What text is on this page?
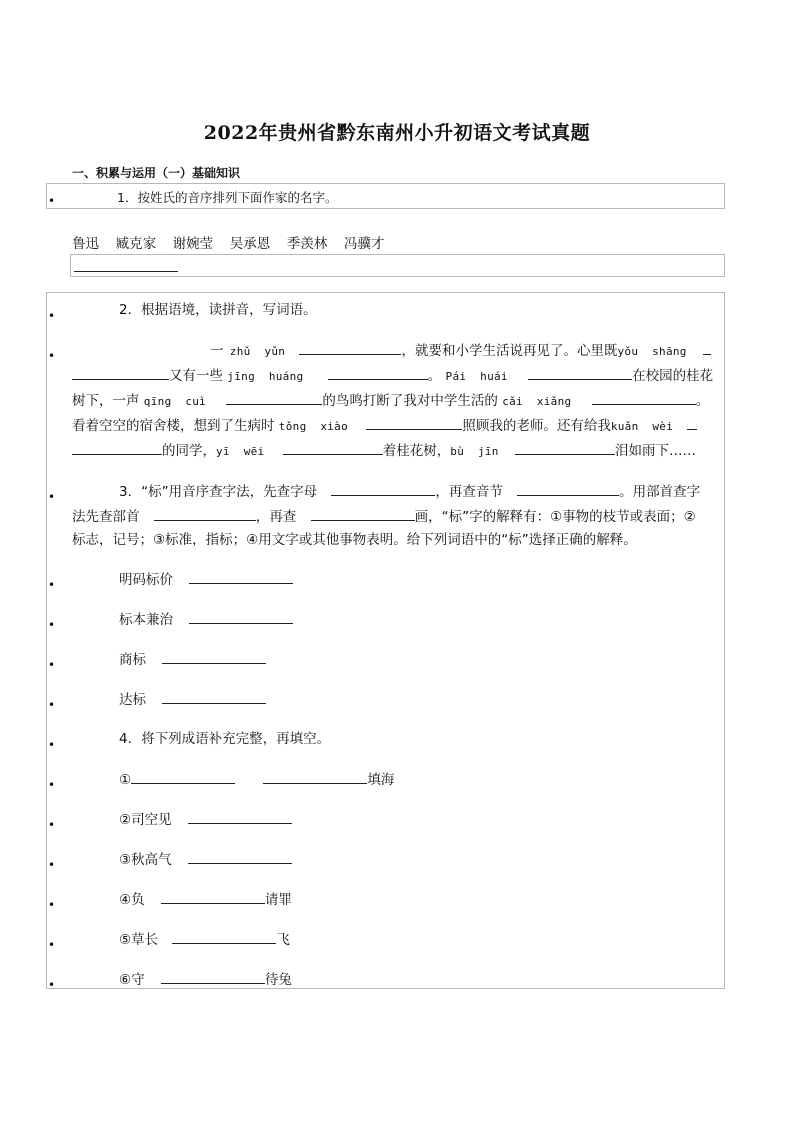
2022年贵州省黔东南州小升初语文考试真题
一、积累与运用（一）基础知识
•	1．按姓氏的音序排列下面作家的名字。
鲁迅  臧克家  谢婉莹  吴承恩  季羡林  冯骥才
•	2．根据语境，读拼音，写词语。
•	一 zhǔ  yǔn	，就要和小学生活说再见了。心里既yǒu  shāng
又有一些 jīng  huáng	。 Pái  huái	在校园的桂花
树下，一声 qīng  cuì	的鸟鸣打断了我对中学生活的 cǎi  xiǎng	。
看着空空的宿舍楼，想到了生病时 tǒng  xiào	照顾我的老师。还有给我kuǎn  wèi
的同学，yī  wēi	着桂花树，bù  jīn	泪如雨下……
•	3．“标”用音序查字法，先查字母	，再查音节	。用部首查字
法先查部首	，再查	画，“标”字的解释有：①事物的枝节或表面；②
标志，记号；③标准，指标；④用文字或其他事物表明。给下列词语中的“标”选择正确的解释。
•	明码标价
•	标本兼治
•	商标
•	达标
•	4．将下列成语补充完整，再填空。
•	①	填海
•	②司空见
•	③秋高气
•	④负	请罪
•	⑤草长	飞
•	⑥守	待兔
